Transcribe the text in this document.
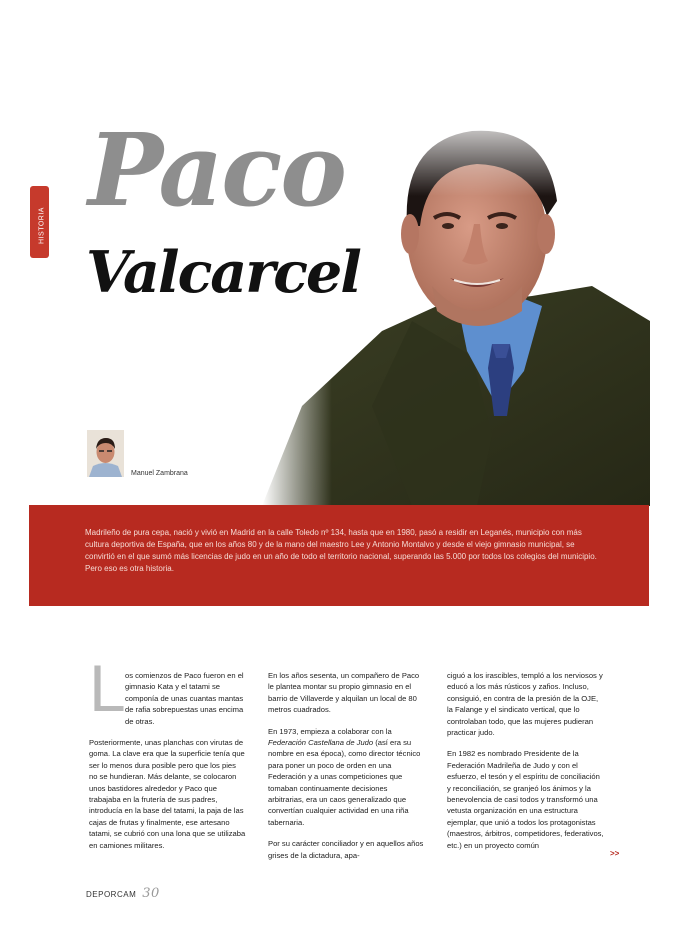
HISTORIA Paco
Valcarcel
Manuel Zambrana
Madrileño de pura cepa, nació y vivió en Madrid en la calle Toledo nº 134, hasta que en 1980, pasó a residir en Leganés, municipio con más cultura deportiva de España, que en los años 80 y de la mano del maestro Lee y Antonio Montalvo y desde el viejo gimnasio municipal, se convirtió en el que sumó más licencias de judo en un año de todo el territorio nacional, superando las 5.000 por todos los colegios del municipio. Pero eso es otra historia.
L os comienzos de Paco fueron en el gimnasio Kata y el tatami se componía de unas cuantas mantas de rafia sobrepuestas unas encima de otras.

Posteriormente, unas planchas con virutas de goma. La clave era que la superficie tenía que ser lo menos dura posible pero que los pies no se hundieran. Más delante, se colocaron unos bastidores alrededor y Paco que trabajaba en la frutería de sus padres, introducía en la base del tatami, la paja de las cajas de frutas y finalmente, ese artesano tatami, se cubrió con una lona que se utilizaba en camiones militares.

En los años sesenta, un compañero de Paco le plantea montar su propio gimnasio en el barrio de Villaverde y alquilan un local de 80 metros cuadrados.

En 1973, empieza a colaborar con la Federación Castellana de Judo (así era su nombre en esa época), como director técnico para poner un poco de orden en una Federación y a unas competiciones que tomaban continuamente decisiones arbitrarias, era un caos generalizado que convertían cualquier actividad en una riña tabernaria.

Por su carácter conciliador y en aquellos años grises de la dictadura, apa-

ciguó a los irascibles, templó a los nerviosos y educó a los más rústicos y zafios. Incluso, consiguió, en contra de la presión de la OJE, la Falange y el sindicato vertical, que lo controlaban todo, que las mujeres pudieran practicar judo.

En 1982 es nombrado Presidente de la Federación Madrileña de Judo y con el esfuerzo, el tesón y el espíritu de conciliación y reconciliación, se granjeó los ánimos y la benevolencia de casi todos y transformó una vetusta organización en una estructura ejemplar, que unió a todos los protagonistas (maestros, árbitros, competidores, federativos, etc.) en un proyecto común

>>
DEPORCAM 30
